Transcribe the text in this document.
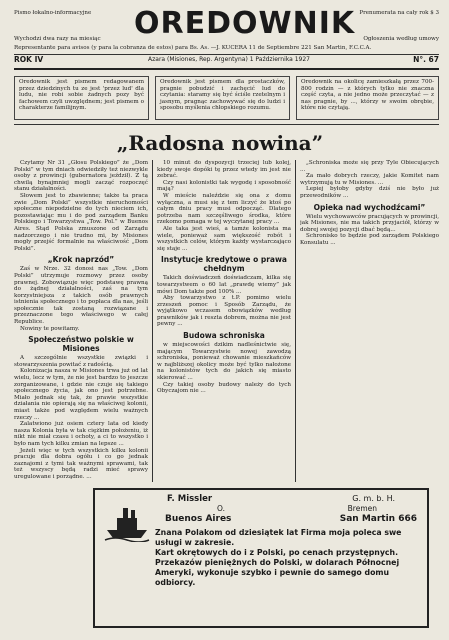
Pismo łokalno-informacyjne	OREDOWNIK Prenumerata na cały rok $ 3
Wychodzi dwa razy na miesiąc	Ogłoszenia według umowy
Representante para avisos (y para la cobranza de estos) para Bs. As. —J. KUCERA 11 de Septiembre 221 San Martin, F.C.C.A.
ROK IV	Azara (Misiones, Rep. Argentyna) 1 Października 1927	N°. 67
Oredownik jest pismem redagowanem przez dziedzinych tu ze jest 'przez lud' dla ludu, nie robi sobie żadnych pozy być fachowem czyli uwzględnem; jest pismem o charakterze familijnym.
Oredownik jest pismem dla prostaczków, pragnie pobudzić i zachęcić lud do czytania: staramy się być ściśle rzetelnym i jasnym, pragnąc zachowywać się do ludzi i sposobu myślenia chłopskiego rozumu.
Oredownik na okolicę zamieszkałą przez 700-800 rodzin — z których tylko nie znaczna część czyta, a nie jedno może przeczytać — z nas pragnie, by ..., którzy w swoim obrębie, które nie czytają.
„Radosna nowina”

Czytamy Nr 31 „Głosu Polskiego” że „Dom Polski” w tym dniach odwiedziły też niezwykle osoby z prowincji (gubernatora jeździł). Z tą chwilą bynajmniej mogli zacząć rozpoczęć stanu działalności.

Słowem jest to zbawienne; także ta praca zwie „Dom Polski” wszystkie nieruchomości społeczne niepodzielne do tych nieciem ich, pozostawiając mu i do pod zarządem Banku Polskiego i Towarzystwa „Tow. Pol.” w Buenos Aires. Stąd Polska zmuszone od Zarządu nadzorczego i nie trudno mi, by Misiones mogły przejść formalnie na właściwość „Dom Polski”.

„Krok naprzód”

Zaś w Nrze. 32 donosi nas „Tow. „Dom Polski” utrzymuje rozmowy przez osoby prawnej. Zobowiązuje więc podstawę prawną do żądnej działalności, zaś na tym korzystniejsza z takich osób prawnych istnienia społecznego i to popłaca dla nas, jeśli społecznie tak zostaną rozwiązane i przeznaczone tego właściwego w całej Republice.

Nowiny te powitamy.

Społeczeństwo polskie w Misiones

A szczególnie wszystkie związki i stowarzyszenia powitać z radością.

Kolonizacja nasza w Misiones trwa już od lat wielu, lecz w tym, że nie jest bardzo to jeszcze zorganizowane, i gdzie nie czuje się takiego społecznego życia, jak ono jest potrzebne. Miało jednak się tak, że prawie wszystkie działania nie opierają się na właściwej kolonii, miast także pod względem wielu ważnych rzeczy ...

Zalatwiono już osiem cztery lata od kiedy nasza Kolonia była w tak ciężkim położeniu, iż nikt nie miał czasu i ochoty, a ci to wszystko i było nam tych kilku zmian na lepsze ...

Jeżeli więc w tych wszystkich kilku kolonii pracuje dla dobra ogółu i co go jednak zaznajomi z tymi tak ważnymi sprawami, tak też wszyscy będą radzi mieć sprawy uregulowane i porządne. ...

10 minut do dyspozycji trzeciej lub kolej, kiedy swoje dopóki tę przez wtedy im jest nie zebrać.

Czy nasi kolonistki tak wygodę i sposobność mają?

W mieście naleździe się ona z domu wyłączna, a musi się z tem liczyć że ktoś po całym dniu pracy musi odpocząć. Dlatego potrzeba nam szczęśliwego środka, które rzekomo pomaga w tej wyczytanej pracy ...

Ale taka jest wieś, a tamże kolonista ma wiele, ponieważ sam większość robót i wszystkich celów, którym każdy wystarczająco się staje ...

Instytucje kredytowe o prawa chełdnym

Takich doświadczeń doświadczam, kilka się towarzystwem o 60 lat „prawdę wiemy” jak mówi Dom także pod 100% ...

Aby towarzystwo z t.P. pomimo wielu zrzeszeń pomoc i Sposób Zarządu, że wyjątkowo wczasem obowiązków według prawników jak i reszta dobrem, można nie jest pewny ...

Budowa schroniska

w miejscowości dzikim nadleśnictwie się, mającym Towarzystwie nowej zawodzą schroniska, ponieważ chowanie mieszkańców w najbliższej okolicy może być tylko nałożone na kolonistów tych do jakich się miasto skierować ...

Czy takiej osoby budowy należy do tych Obyczajom nie ...

„Schroniska może się przy Tyle Obiecujących ...

Za mało dobrych rzeczy, jakie Komitet nam wytrzymują tu w Misiones. ...

Lepiej byłoby gdyby dziś nie było już przewodników ...

Opieka nad wychodźcami”

Wielu wychowawców pracujących w prowincji, jak Misiones, nie ma takich przyjaciół, którzy w dobrej swojej pozycji dbać będą...

Schronisko to będzie pod zarządem Polskiego Konsulatu ...

F. Missler	G. m. b. H.
O.	Bremen
Buenos Aires	San Martin 666
Znana Polakom od dziesiątek lat Firma moja poleca swe usługi w zakresie.
Kart okrętowych do i z Polski, po cenach przystępnych.
Przekazów pieniężnych do Polski, w dolarach Północnej Ameryki, wykonuje szybko i pewnie do samego domu odbiorcy.
